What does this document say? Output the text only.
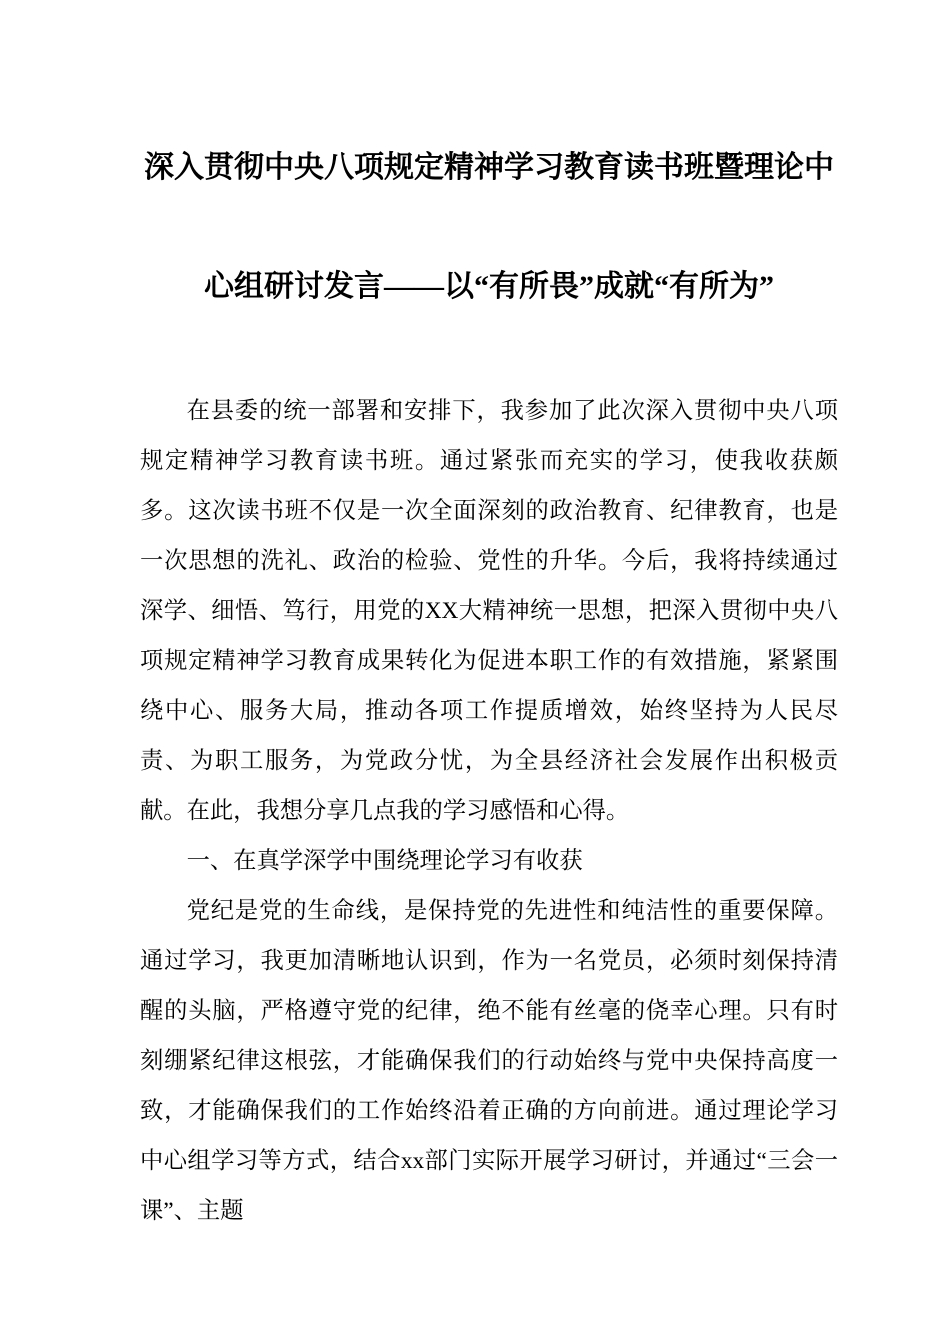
深入贯彻中央八项规定精神学习教育读书班暨理论中
心组研讨发言——以“有所畏”成就“有所为”

在县委的统一部署和安排下，我参加了此次深入贯彻中央八项规定精神学习教育读书班。通过紧张而充实的学习，使我收获颇多。这次读书班不仅是一次全面深刻的政治教育、纪律教育，也是一次思想的洗礼、政治的检验、党性的升华。今后，我将持续通过深学、细悟、笃行，用党的XX大精神统一思想，把深入贯彻中央八项规定精神学习教育成果转化为促进本职工作的有效措施，紧紧围绕中心、服务大局，推动各项工作提质增效，始终坚持为人民尽责、为职工服务，为党政分忧，为全县经济社会发展作出积极贡献。在此，我想分享几点我的学习感悟和心得。

一、在真学深学中围绕理论学习有收获

党纪是党的生命线，是保持党的先进性和纯洁性的重要保障。通过学习，我更加清晰地认识到，作为一名党员，必须时刻保持清醒的头脑，严格遵守党的纪律，绝不能有丝毫的侥幸心理。只有时刻绷紧纪律这根弦，才能确保我们的行动始终与党中央保持高度一致，才能确保我们的工作始终沿着正确的方向前进。通过理论学习中心组学习等方式，结合xx部门实际开展学习研讨，并通过“三会一课”、主题
